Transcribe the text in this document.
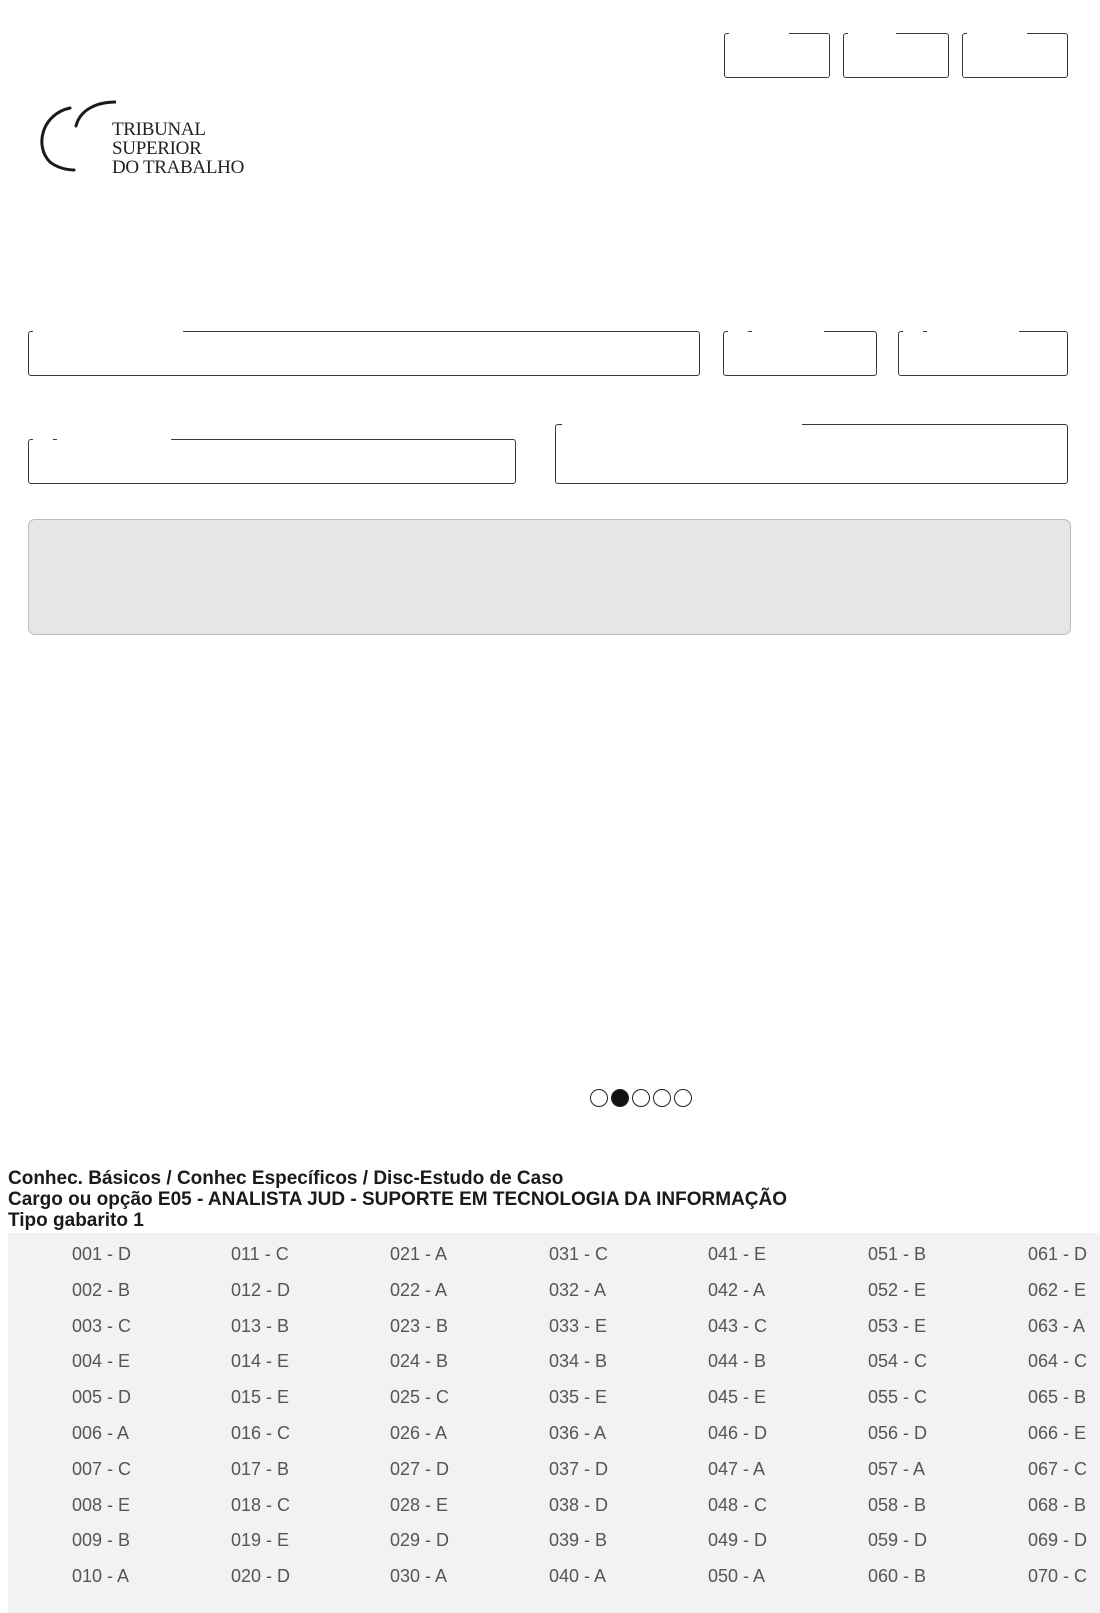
TRIBUNAL SUPERIOR
DO TRABALHO
Conhec. Básicos / Conhec Específicos / Disc-Estudo de Caso
Cargo ou opção E05 - ANALISTA JUD - SUPORTE EM TECNOLOGIA DA INFORMAÇÃO
Tipo gabarito 1
001 - D
002 - B
003 - C
004 - E
005 - D
006 - A
007 - C
008 - E
009 - B
010 - A
011 - C
012 - D
013 - B
014 - E
015 - E
016 - C
017 - B
018 - C
019 - E
020 - D
021 - A
022 - A
023 - B
024 - B
025 - C
026 - A
027 - D
028 - E
029 - D
030 - A
031 - C
032 - A
033 - E
034 - B
035 - E
036 - A
037 - D
038 - D
039 - B
040 - A
041 - E
042 - A
043 - C
044 - B
045 - E
046 - D
047 - A
048 - C
049 - D
050 - A
051 - B
052 - E
053 - E
054 - C
055 - C
056 - D
057 - A
058 - B
059 - D
060 - B
061 - D
062 - E
063 - A
064 - C
065 - B
066 - E
067 - C
068 - B
069 - D
070 - C
